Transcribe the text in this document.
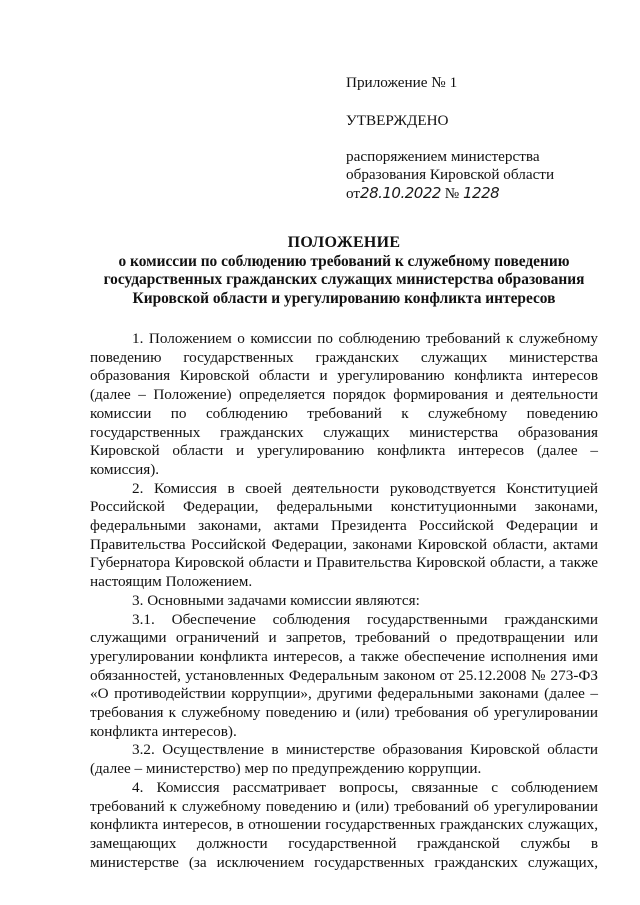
Приложение № 1
УТВЕРЖДЕНО
распоряжением министерства
образования Кировской области
от28.10.2022 № 1228
ПОЛОЖЕНИЕ
о комиссии по соблюдению требований к служебному поведению
государственных гражданских служащих министерства образования
Кировской области и урегулированию конфликта интересов

1. Положением о комиссии по соблюдению требований к служебному поведению государственных гражданских служащих министерства образования Кировской области и урегулированию конфликта интересов (далее – Положение) определяется порядок формирования и деятельности комиссии по соблюдению требований к служебному поведению государственных гражданских служащих министерства образования Кировской области и урегулированию конфликта интересов (далее – комиссия).

2. Комиссия в своей деятельности руководствуется Конституцией Российской Федерации, федеральными конституционными законами, федеральными законами, актами Президента Российской Федерации и Правительства Российской Федерации, законами Кировской области, актами Губернатора Кировской области и Правительства Кировской области, а также настоящим Положением.

3. Основными задачами комиссии являются:

3.1. Обеспечение соблюдения государственными гражданскими служащими ограничений и запретов, требований о предотвращении или урегулировании конфликта интересов, а также обеспечение исполнения ими обязанностей, установленных Федеральным законом от 25.12.2008 № 273-ФЗ «О противодействии коррупции», другими федеральными законами (далее – требования к служебному поведению и (или) требования об урегулировании конфликта интересов).

3.2. Осуществление в министерстве образования Кировской области (далее – министерство) мер по предупреждению коррупции.

4. Комиссия рассматривает вопросы, связанные с соблюдением требований к служебному поведению и (или) требований об урегулировании конфликта интересов, в отношении государственных гражданских служащих, замещающих должности государственной гражданской службы в министерстве (за исключением государственных гражданских служащих,
